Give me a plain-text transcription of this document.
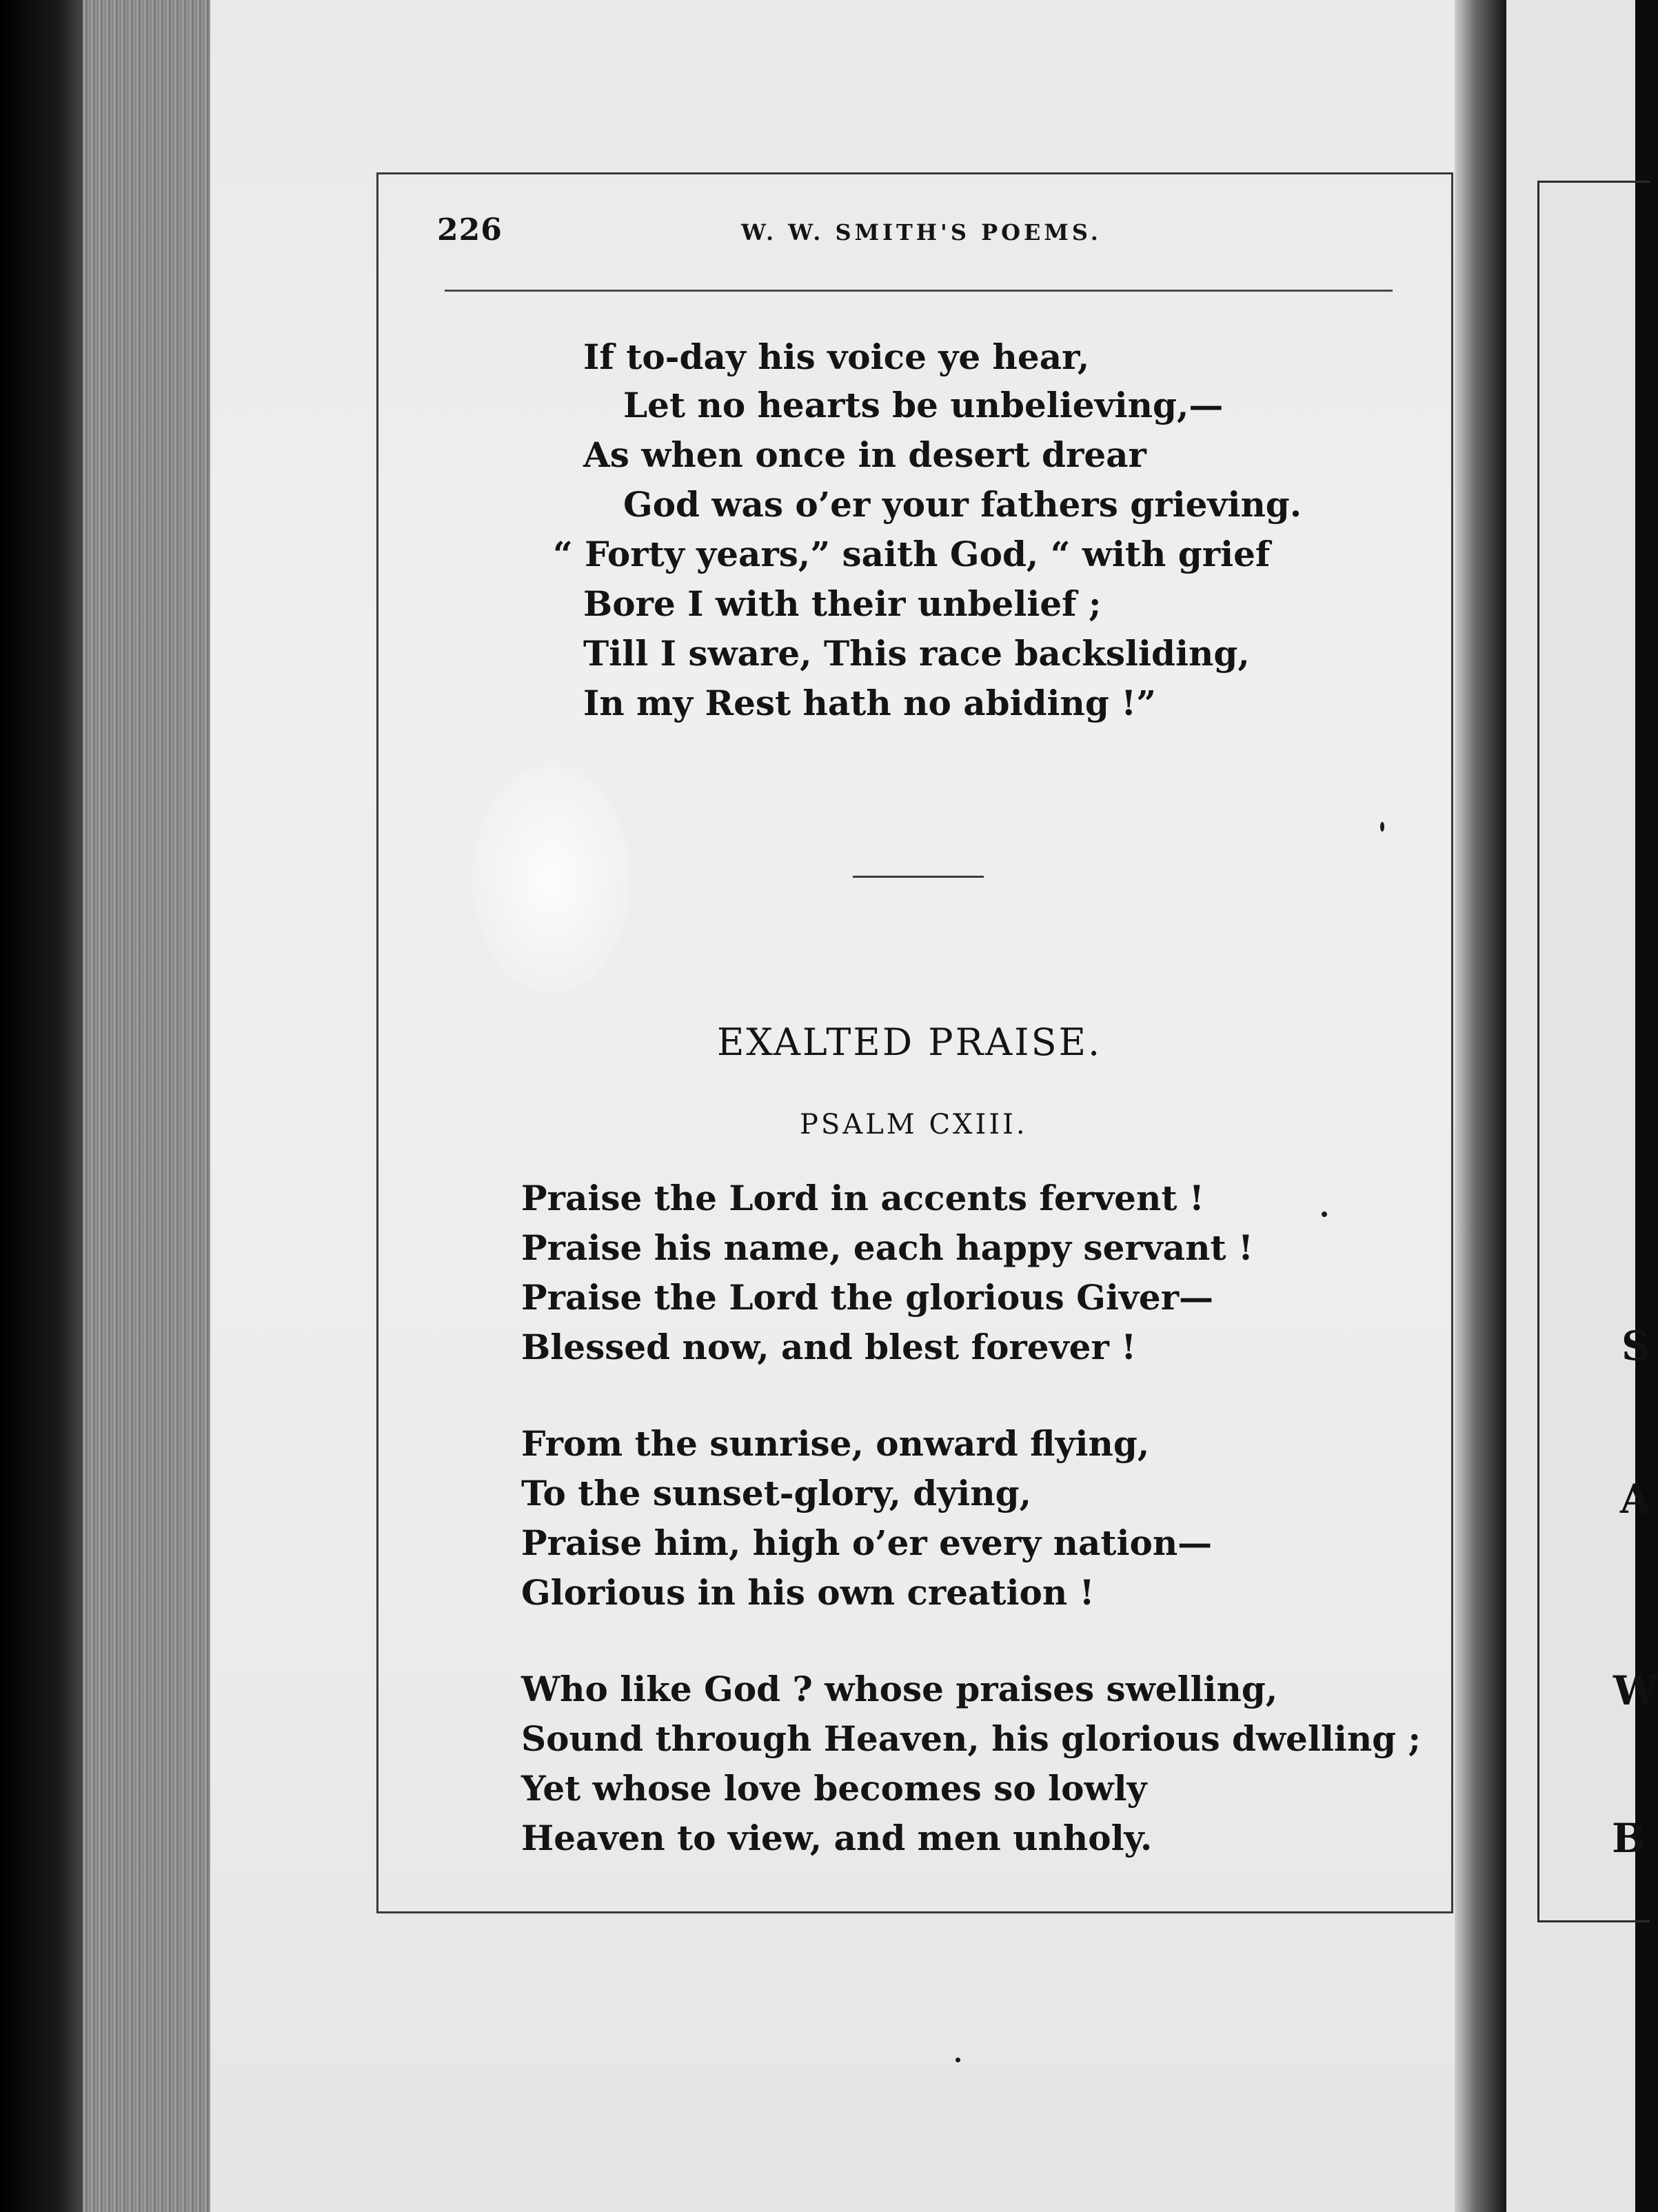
S
A
W
B
226	W. W. SMITH'S POEMS.
If to-day his voice ye hear,
Let no hearts be unbelieving,—
As when once in desert drear
God was o’er your fathers grieving.
“ Forty years,” saith God, “ with grief
Bore I with their unbelief ;
Till I sware, This race backsliding,
In my Rest hath no abiding !”
EXALTED PRAISE.
PSALM CXIII.
Praise the Lord in accents fervent !
Praise his name, each happy servant !
Praise the Lord the glorious Giver—
Blessed now, and blest forever !
From the sunrise, onward flying,
To the sunset-glory, dying,
Praise him, high o’er every nation—
Glorious in his own creation !
Who like God ? whose praises swelling,
Sound through Heaven, his glorious dwelling ;
Yet whose love becomes so lowly
Heaven to view, and men unholy.
